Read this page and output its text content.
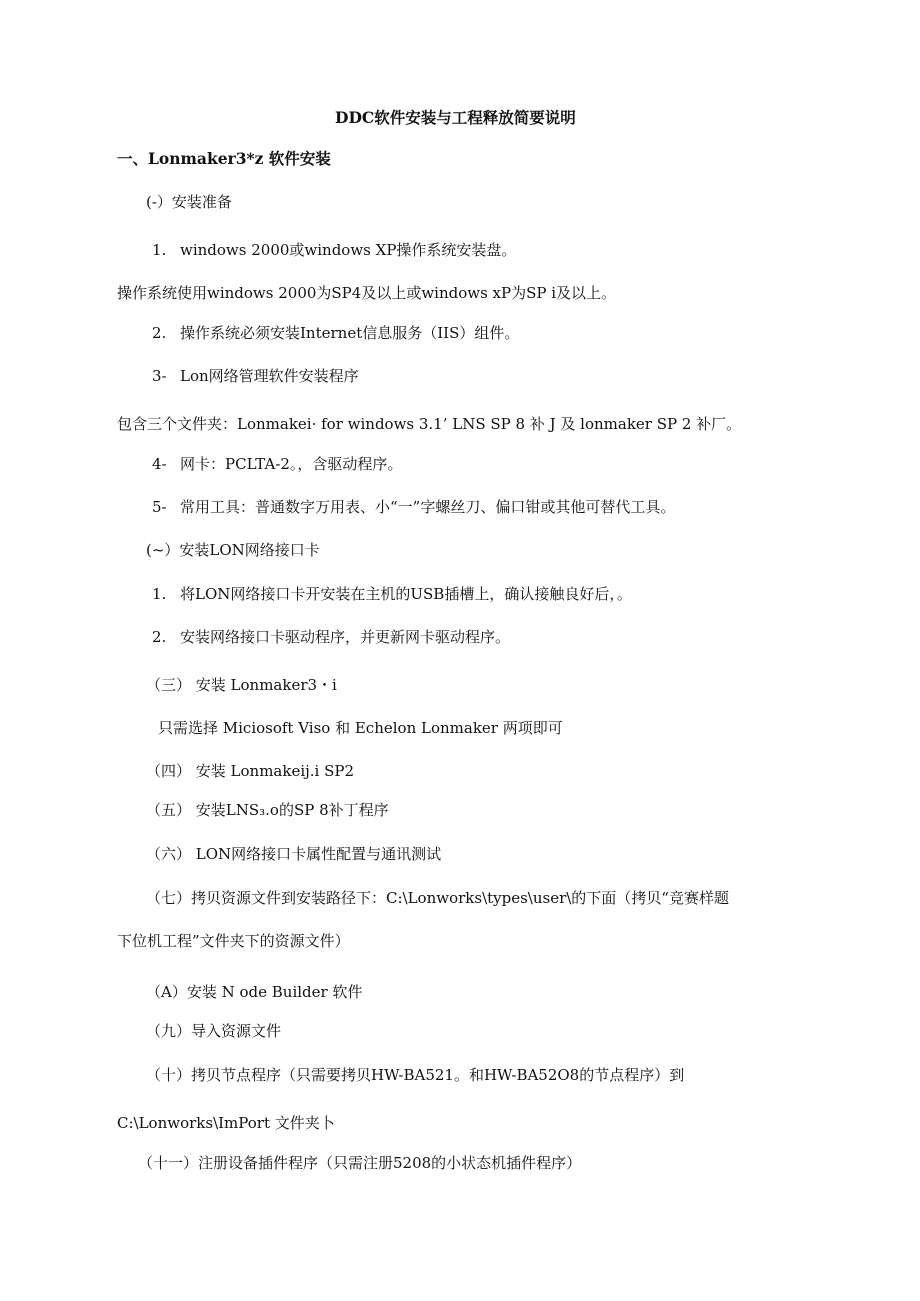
DDC软件安装与工程释放简要说明
一、Lonmaker3*z 软件安装
(-）安装准备
1. windows 2000或windows XP操作系统安装盘。
操作系统使用windows 2000为SP4及以上或windows xP为SP i及以上。
2. 操作系统必须安装Internet信息服务（IIS）组件。
3- Lon网络管理软件安装程序
包含三个文件夹：Lonmakei· for windows 3.1’ LNS SP 8 补 J 及 lonmaker SP 2 补厂。
4- 网卡：PCLTA-2。，含驱动程序。
5- 常用工具：普通数字万用表、小“一”字螺丝刀、偏口钳或其他可替代工具。
(~）安装LON网络接口卡
1. 将LON网络接口卡开安装在主机的USB插槽上，确认接触良好后，。
2. 安装网络接口卡驱动程序，并更新网卡驱动程序。
（三） 安装 Lonmaker3・i
只需选择 Miciosoft Viso 和 Echelon Lonmaker 两项即可
（四） 安装 Lonmakeij.i SP2
（五） 安装LNS₃.o的SP 8补丁程序
（六） LON网络接口卡属性配置与通讯测试
（七）拷贝资源文件到安装路径下：C:\Lonworks\types\user\的下面（拷贝“竞赛样题
下位机工程”文件夹下的资源文件）
（A）安装 N ode Builder 软件
（九）导入资源文件
（十）拷贝节点程序（只需要拷贝HW-BA521。和HW-BA52O8的节点程序）到
C:\Lonworks\ImPort 文件夹卜
（十一）注册设备插件程序（只需注册5208的小状态机插件程序）
